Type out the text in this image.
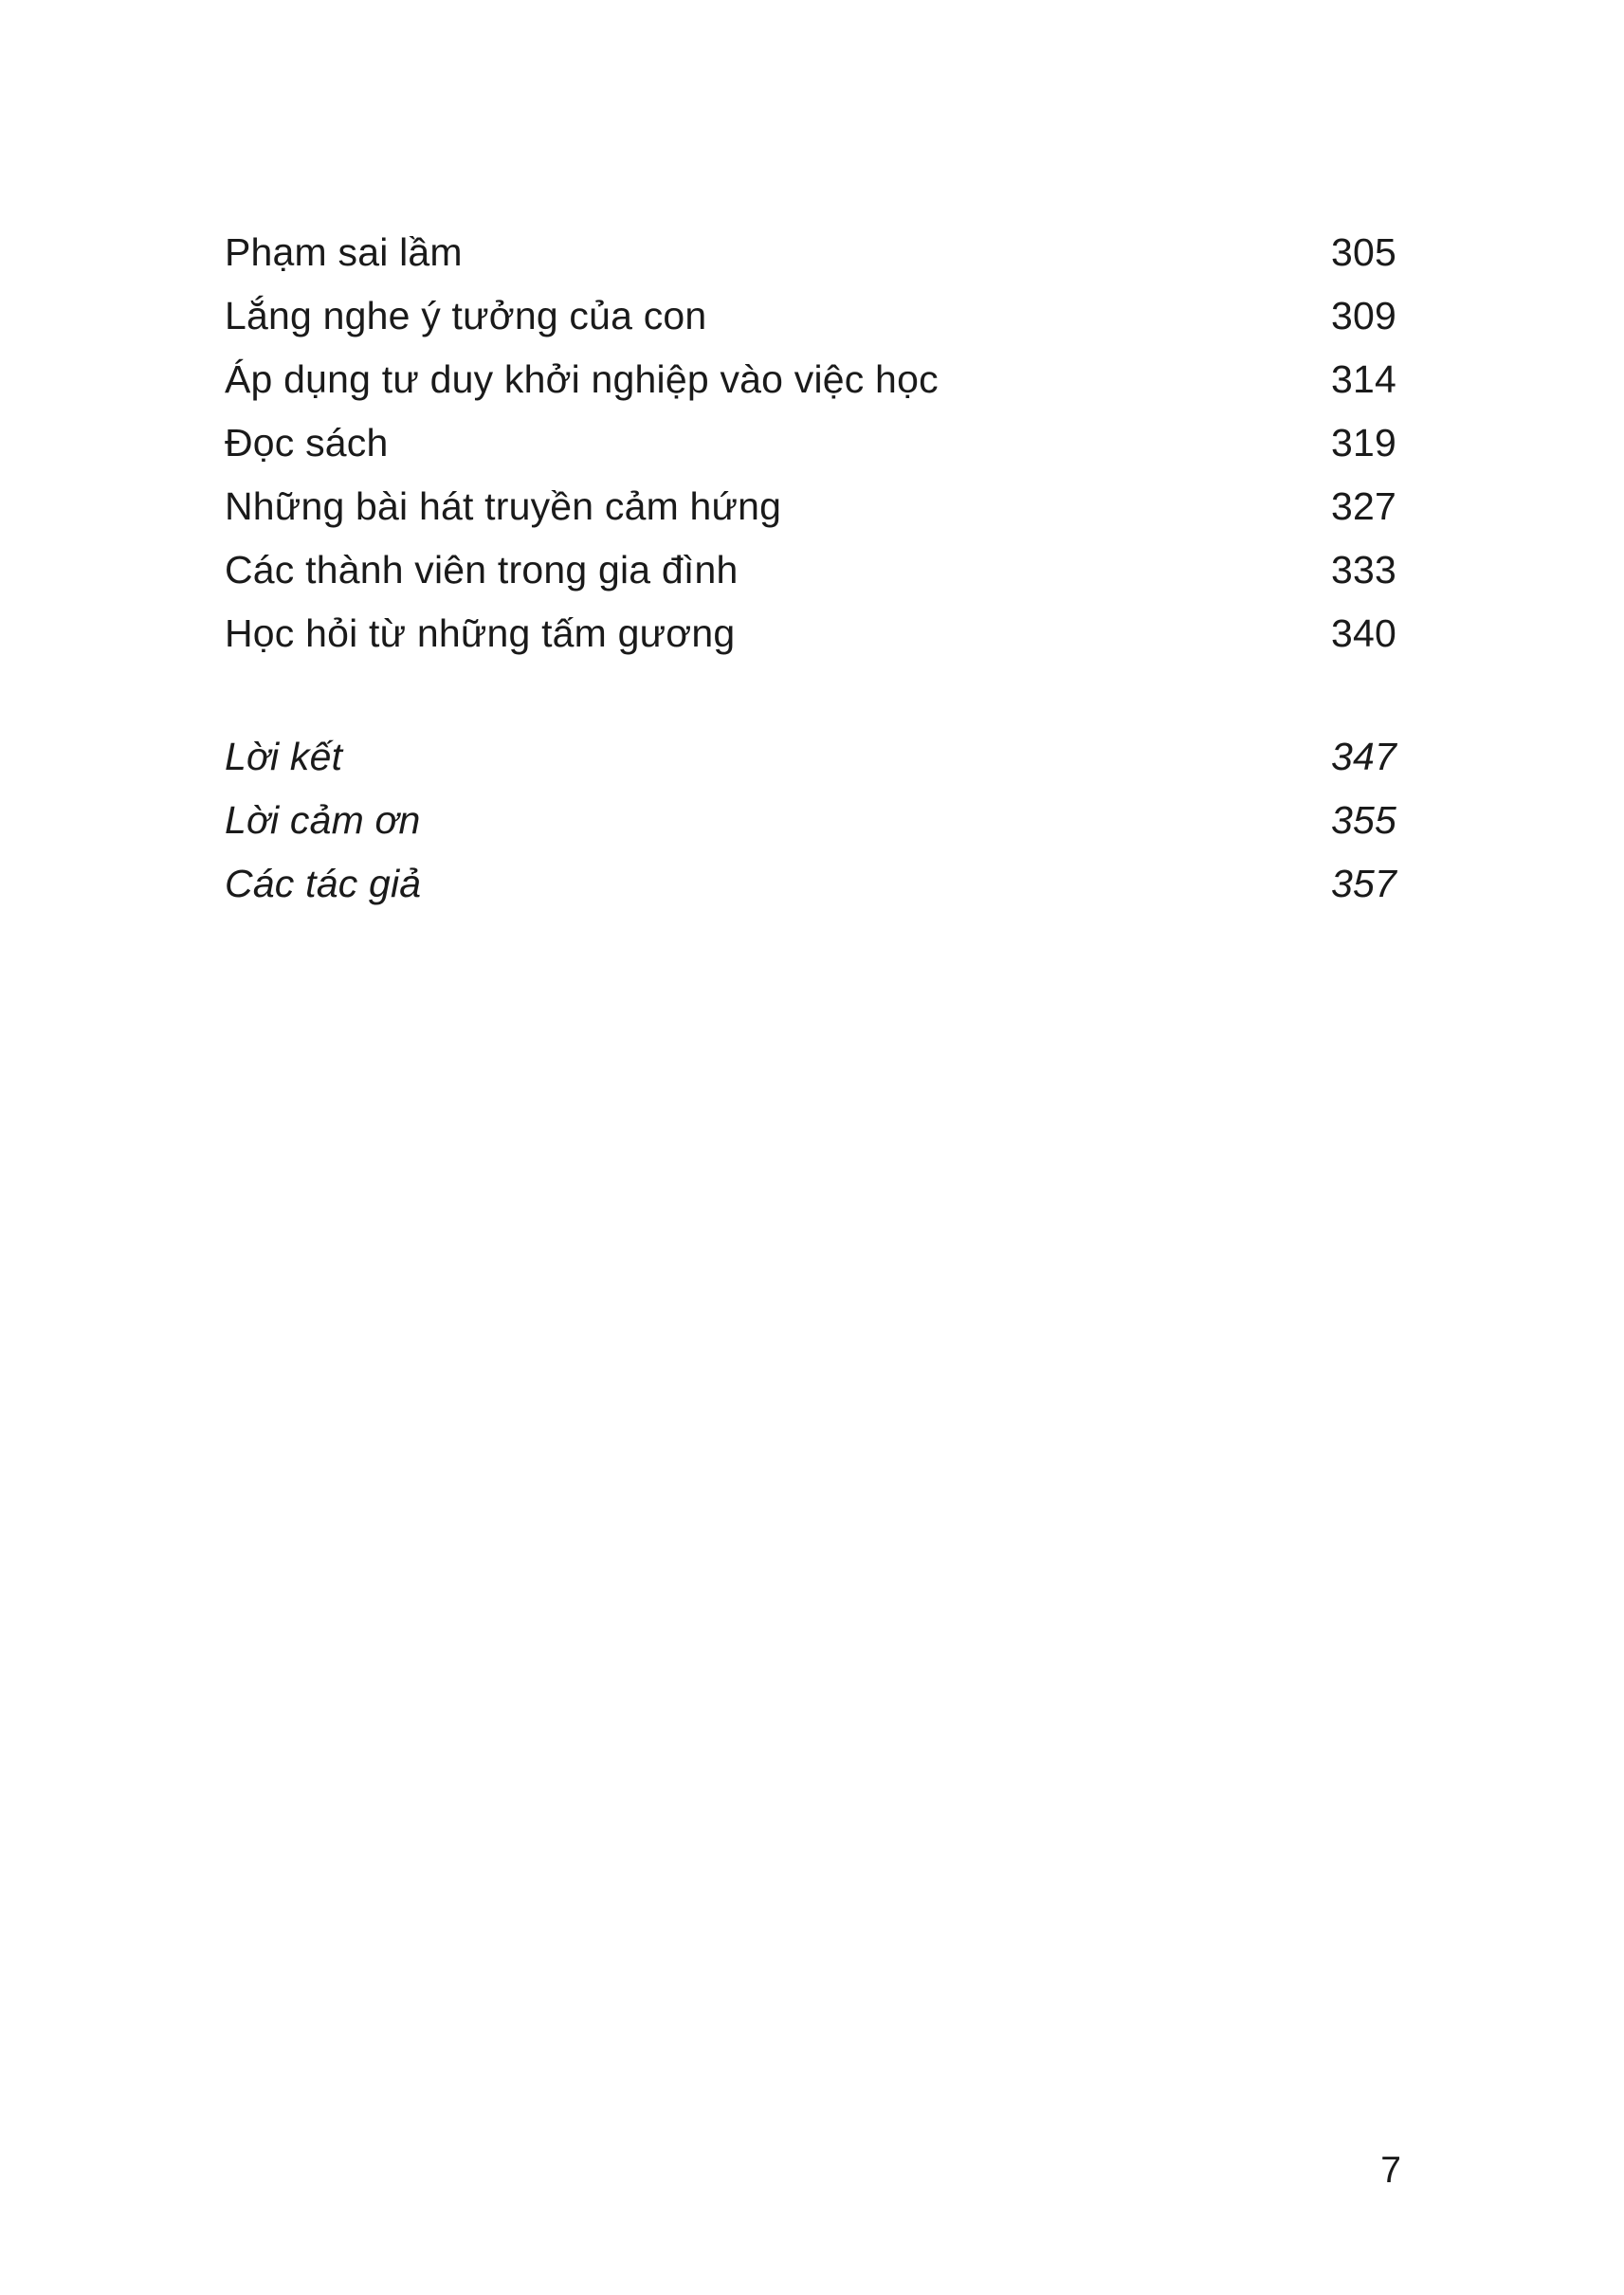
Phạm sai lầm	305
Lắng nghe ý tưởng của con	309
Áp dụng tư duy khởi nghiệp vào việc học	314
Đọc sách	319
Những bài hát truyền cảm hứng	327
Các thành viên trong gia đình	333
Học hỏi từ những tấm gương	340
Lời kết	347
Lời cảm ơn	355
Các tác giả	357
7
